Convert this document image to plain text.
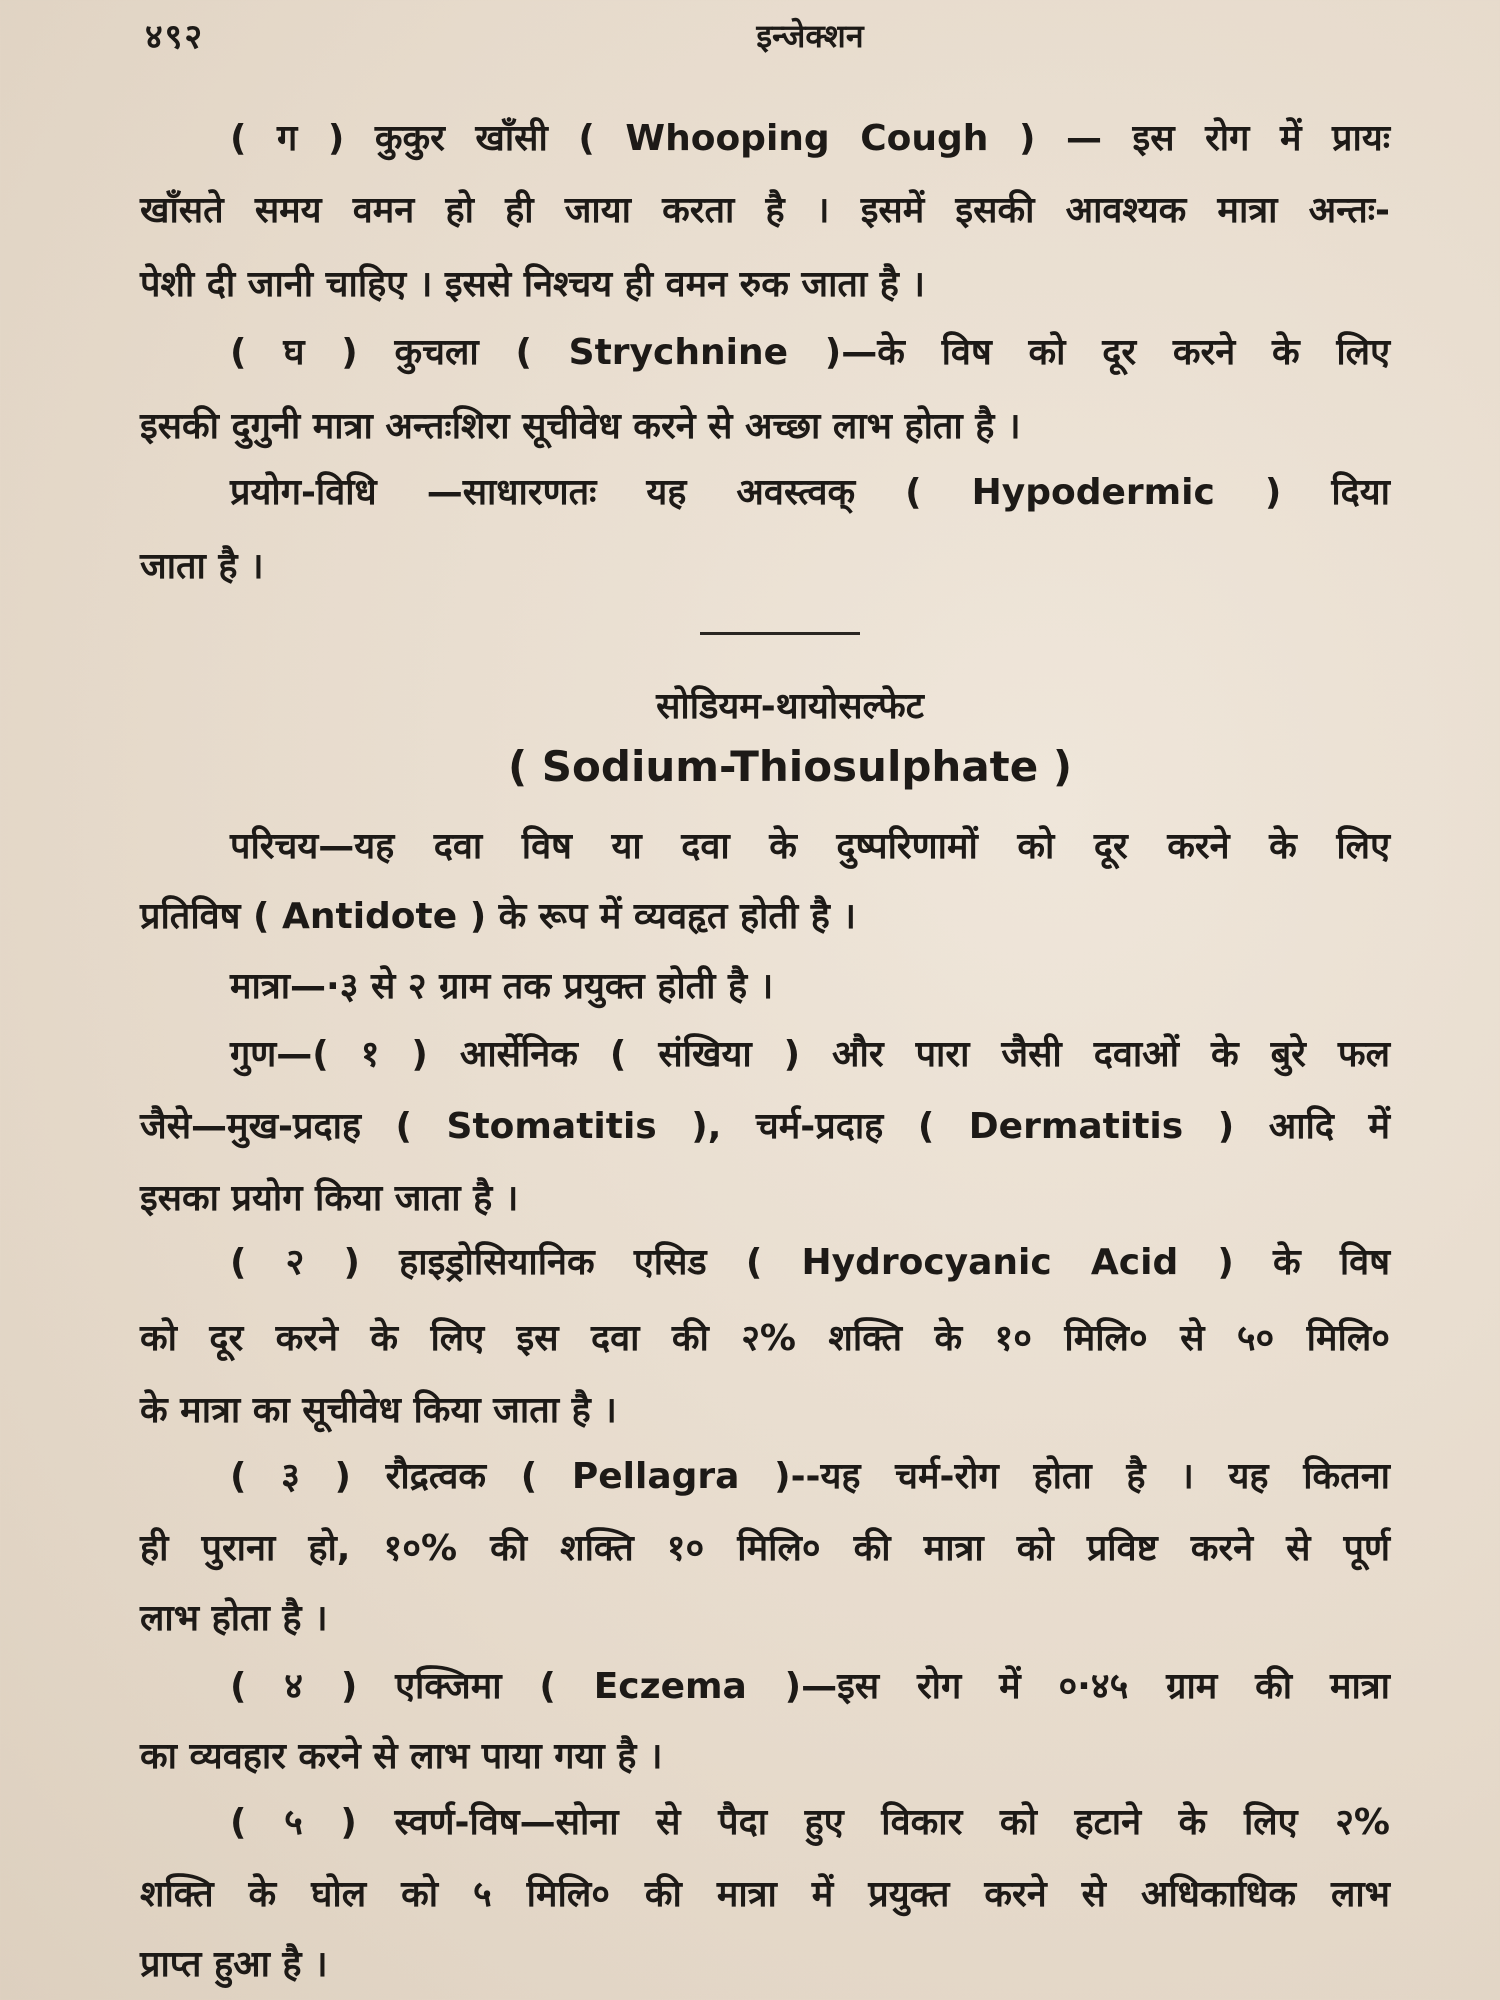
४९२	इन्जेक्शन
( ग ) कुकुर खाँसी ( Whooping Cough ) — इस रोग में प्रायः
खाँसते समय वमन हो ही जाया करता है । इसमें इसकी आवश्यक मात्रा अन्तः-
पेशी दी जानी चाहिए । इससे निश्चय ही वमन रुक जाता है ।
( घ ) कुचला ( Strychnine )—के विष को दूर करने के लिए
इसकी दुगुनी मात्रा अन्तःशिरा सूचीवेध करने से अच्छा लाभ होता है ।
प्रयोग-विधि —साधारणतः यह अवस्त्वक् ( Hypodermic ) दिया
जाता है ।
सोडियम-थायोसल्फेट
( Sodium-Thiosulphate )
परिचय—यह दवा विष या दवा के दुष्परिणामों को दूर करने के लिए
प्रतिविष ( Antidote ) के रूप में व्यवहृत होती है ।
मात्रा—·३ से २ ग्राम तक प्रयुक्त होती है ।
गुण—( १ ) आर्सेनिक ( संखिया ) और पारा जैसी दवाओं के बुरे फल
जैसे—मुख-प्रदाह ( Stomatitis ), चर्म-प्रदाह ( Dermatitis ) आदि में
इसका प्रयोग किया जाता है ।
( २ ) हाइड्रोसियानिक एसिड ( Hydrocyanic Acid ) के विष
को दूर करने के लिए इस दवा की २% शक्ति के १० मिलि० से ५० मिलि०
के मात्रा का सूचीवेध किया जाता है ।
( ३ ) रौद्रत्वक ( Pellagra )--यह चर्म-रोग होता है । यह कितना
ही पुराना हो, १०% की शक्ति १० मिलि० की मात्रा को प्रविष्ट करने से पूर्ण
लाभ होता है ।
( ४ ) एक्जिमा ( Eczema )—इस रोग में ०·४५ ग्राम की मात्रा
का व्यवहार करने से लाभ पाया गया है ।
( ५ ) स्वर्ण-विष—सोना से पैदा हुए विकार को हटाने के लिए २%
शक्ति के घोल को ५ मिलि० की मात्रा में प्रयुक्त करने से अधिकाधिक लाभ
प्राप्त हुआ है ।
